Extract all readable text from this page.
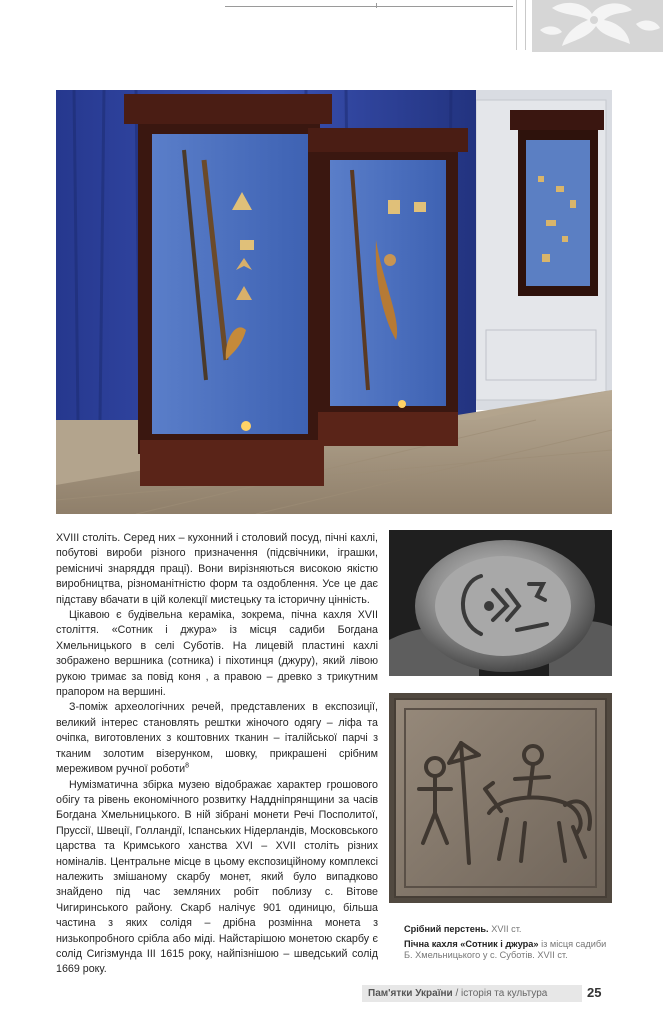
XVIII століть. Серед них – кухонний і столовий посуд, пічні кахлі, побутові вироби різного призначення (підсвічники, іграшки, ремісничі знаряддя праці). Вони вирізняються високою якістю виробництва, різноманітністю форм та оздоблення. Усе це дає підставу вбачати в цій колекції мистецьку та історичну цінність.

Цікавою є будівельна кераміка, зокрема, пічна кахля XVII століття. «Сотник і джура» із місця садиби Богдана Хмельницького в селі Суботів. На лицевій пластині кахлі зображено вершника (сотника) і піхотинця (джуру), який лівою рукою тримає за повід коня , а правою – древко з трикутним прапором на вершині.

З-поміж археологічних речей, представлених в експозиції, великий інтерес становлять рештки жіночого одягу – ліфа та очіпка, виготовлених з коштовних тканин – італійської парчі з тканим золотим візерунком, шовку, прикрашені срібним мереживом ручної роботи$^8$

Нумізматична збірка музею відображає характер грошового обігу та рівень економічного розвитку Наддніпрянщини за часів Богдана Хмельницького. В ній зібрані монети Речі Посполитої, Пруссії, Швеції, Голландії, Іспанських Нідерландів, Московського царства та Кримського ханства XVI – XVII століть різних номіналів. Центральне місце в цьому експозиційному комплексі належить змішаному скарбу монет, який було випадково знайдено під час земляних робіт поблизу с. Вітове Чигиринського району. Скарб налічує 901 одиницю, більша частина з яких солідя – дрібна розмінна монета з низькопробного срібла або міді. Найстарішою монетою скарбу є солід Сигізмунда III 1615 року, найпізнішою – шведський солід 1669 року.

Срібний перстень. XVII ст.
Пічна кахля «Сотник і джура» із місця садиби Б. Хмельницького у с. Суботів. XVII ст.
Пам'ятки України / історія та культура	25
